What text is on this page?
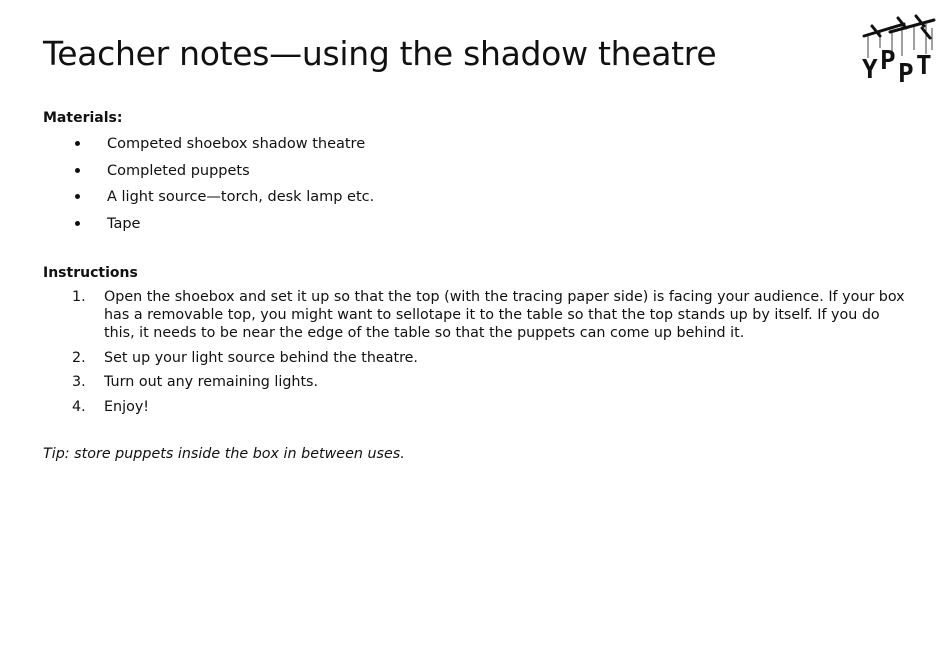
Teacher notes—using the shadow theatre	Y P P T
Materials:
Competed shoebox shadow theatre
Completed puppets
A light source—torch, desk lamp etc.
Tape
Instructions
1. Open the shoebox and set it up so that the top (with the tracing paper side) is facing your audience. If your box has a removable top, you might want to sellotape it to the table so that the top stands up by itself. If you do this, it needs to be near the edge of the table so that the puppets can come up behind it.
2. Set up your light source behind the theatre.
3. Turn out any remaining lights.
4. Enjoy!

Tip: store puppets inside the box in between uses.
